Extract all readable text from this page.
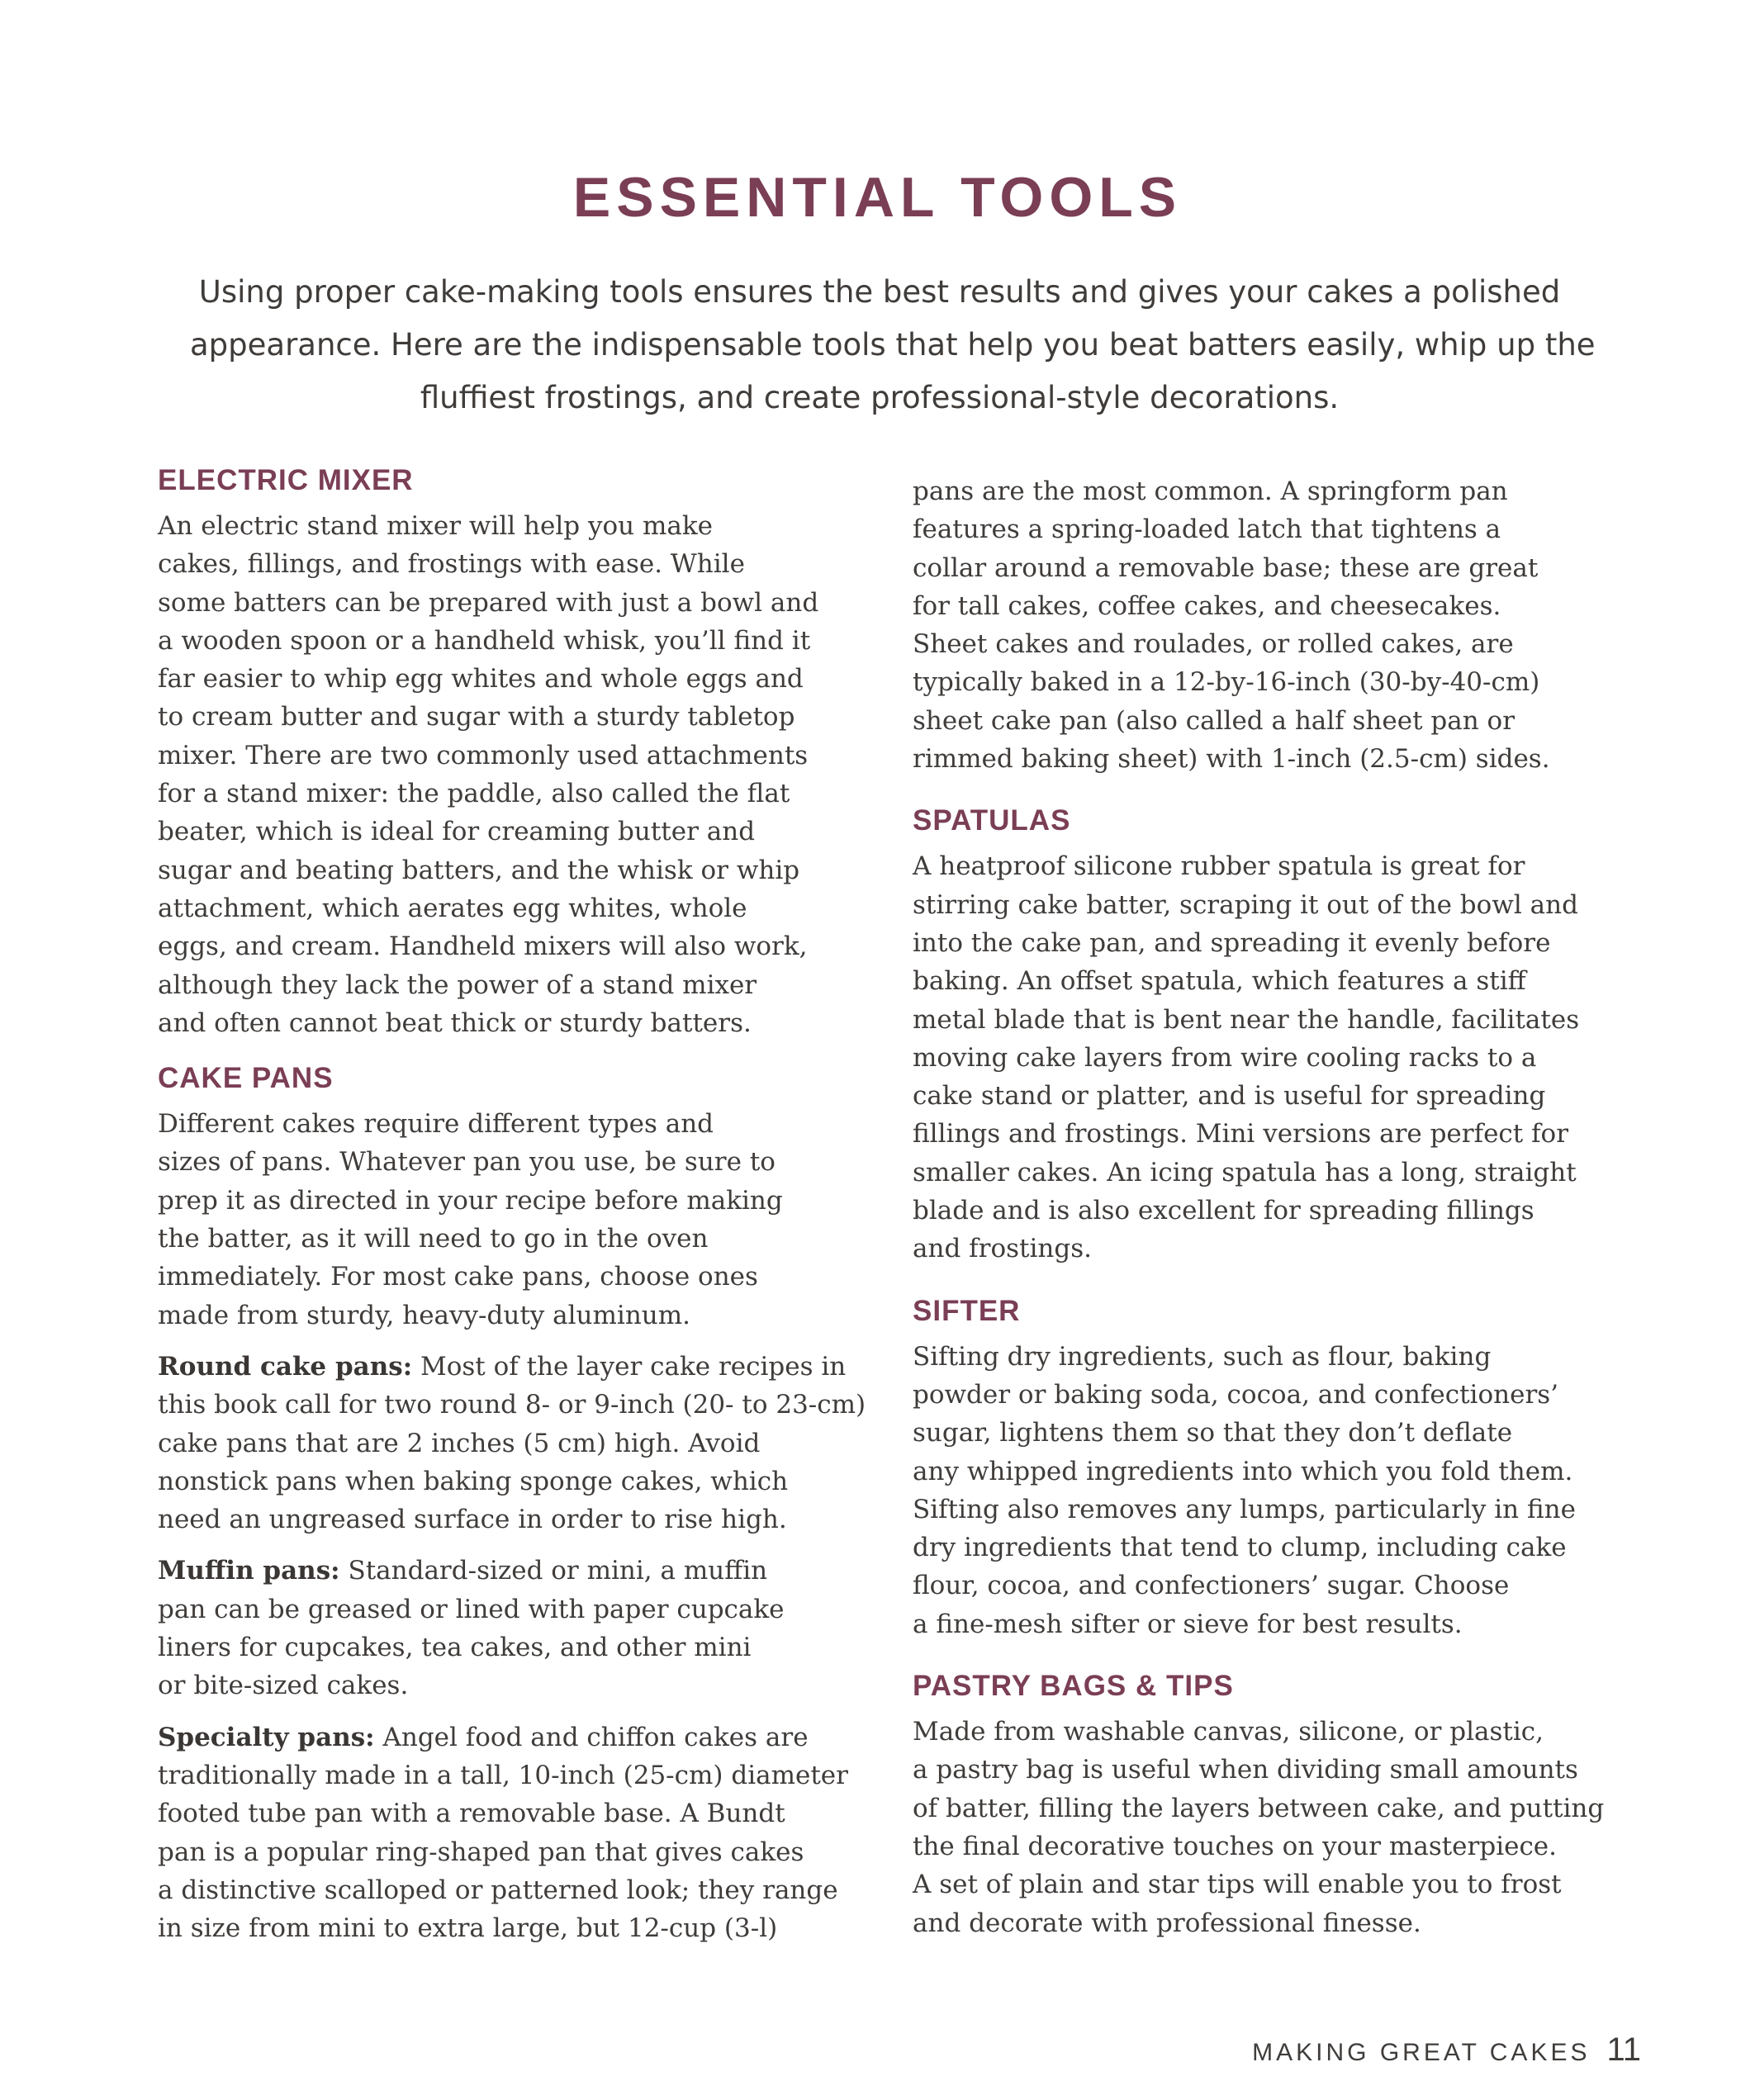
ESSENTIAL TOOLS
Using proper cake-making tools ensures the best results and gives your cakes a polished
appearance. Here are the indispensable tools that help you beat batters easily, whip up the
fluffiest frostings, and create professional-style decorations.
ELECTRIC MIXER

An electric stand mixer will help you make
cakes, fillings, and frostings with ease. While
some batters can be prepared with just a bowl and
a wooden spoon or a handheld whisk, you’ll find it
far easier to whip egg whites and whole eggs and
to cream butter and sugar with a sturdy tabletop
mixer. There are two commonly used attachments
for a stand mixer: the paddle, also called the flat
beater, which is ideal for creaming butter and
sugar and beating batters, and the whisk or whip
attachment, which aerates egg whites, whole
eggs, and cream. Handheld mixers will also work,
although they lack the power of a stand mixer
and often cannot beat thick or sturdy batters.

CAKE PANS

Different cakes require different types and
sizes of pans. Whatever pan you use, be sure to
prep it as directed in your recipe before making
the batter, as it will need to go in the oven
immediately. For most cake pans, choose ones
made from sturdy, heavy-duty aluminum.

Round cake pans: Most of the layer cake recipes in
this book call for two round 8- or 9-inch (20- to 23-cm)
cake pans that are 2 inches (5 cm) high. Avoid
nonstick pans when baking sponge cakes, which
need an ungreased surface in order to rise high.

Muffin pans: Standard-sized or mini, a muffin
pan can be greased or lined with paper cupcake
liners for cupcakes, tea cakes, and other mini
or bite-sized cakes.

Specialty pans: Angel food and chiffon cakes are
traditionally made in a tall, 10-inch (25-cm) diameter
footed tube pan with a removable base. A Bundt
pan is a popular ring-shaped pan that gives cakes
a distinctive scalloped or patterned look; they range
in size from mini to extra large, but 12-cup (3-l)

pans are the most common. A springform pan
features a spring-loaded latch that tightens a
collar around a removable base; these are great
for tall cakes, coffee cakes, and cheesecakes.
Sheet cakes and roulades, or rolled cakes, are
typically baked in a 12-by-16-inch (30-by-40-cm)
sheet cake pan (also called a half sheet pan or
rimmed baking sheet) with 1-inch (2.5-cm) sides.

SPATULAS

A heatproof silicone rubber spatula is great for
stirring cake batter, scraping it out of the bowl and
into the cake pan, and spreading it evenly before
baking. An offset spatula, which features a stiff
metal blade that is bent near the handle, facilitates
moving cake layers from wire cooling racks to a
cake stand or platter, and is useful for spreading
fillings and frostings. Mini versions are perfect for
smaller cakes. An icing spatula has a long, straight
blade and is also excellent for spreading fillings
and frostings.

SIFTER

Sifting dry ingredients, such as flour, baking
powder or baking soda, cocoa, and confectioners’
sugar, lightens them so that they don’t deflate
any whipped ingredients into which you fold them.
Sifting also removes any lumps, particularly in fine
dry ingredients that tend to clump, including cake
flour, cocoa, and confectioners’ sugar. Choose
a fine-mesh sifter or sieve for best results.

PASTRY BAGS & TIPS

Made from washable canvas, silicone, or plastic,
a pastry bag is useful when dividing small amounts
of batter, filling the layers between cake, and putting
the final decorative touches on your masterpiece.
A set of plain and star tips will enable you to frost
and decorate with professional finesse.

MAKING GREAT CAKES 11
